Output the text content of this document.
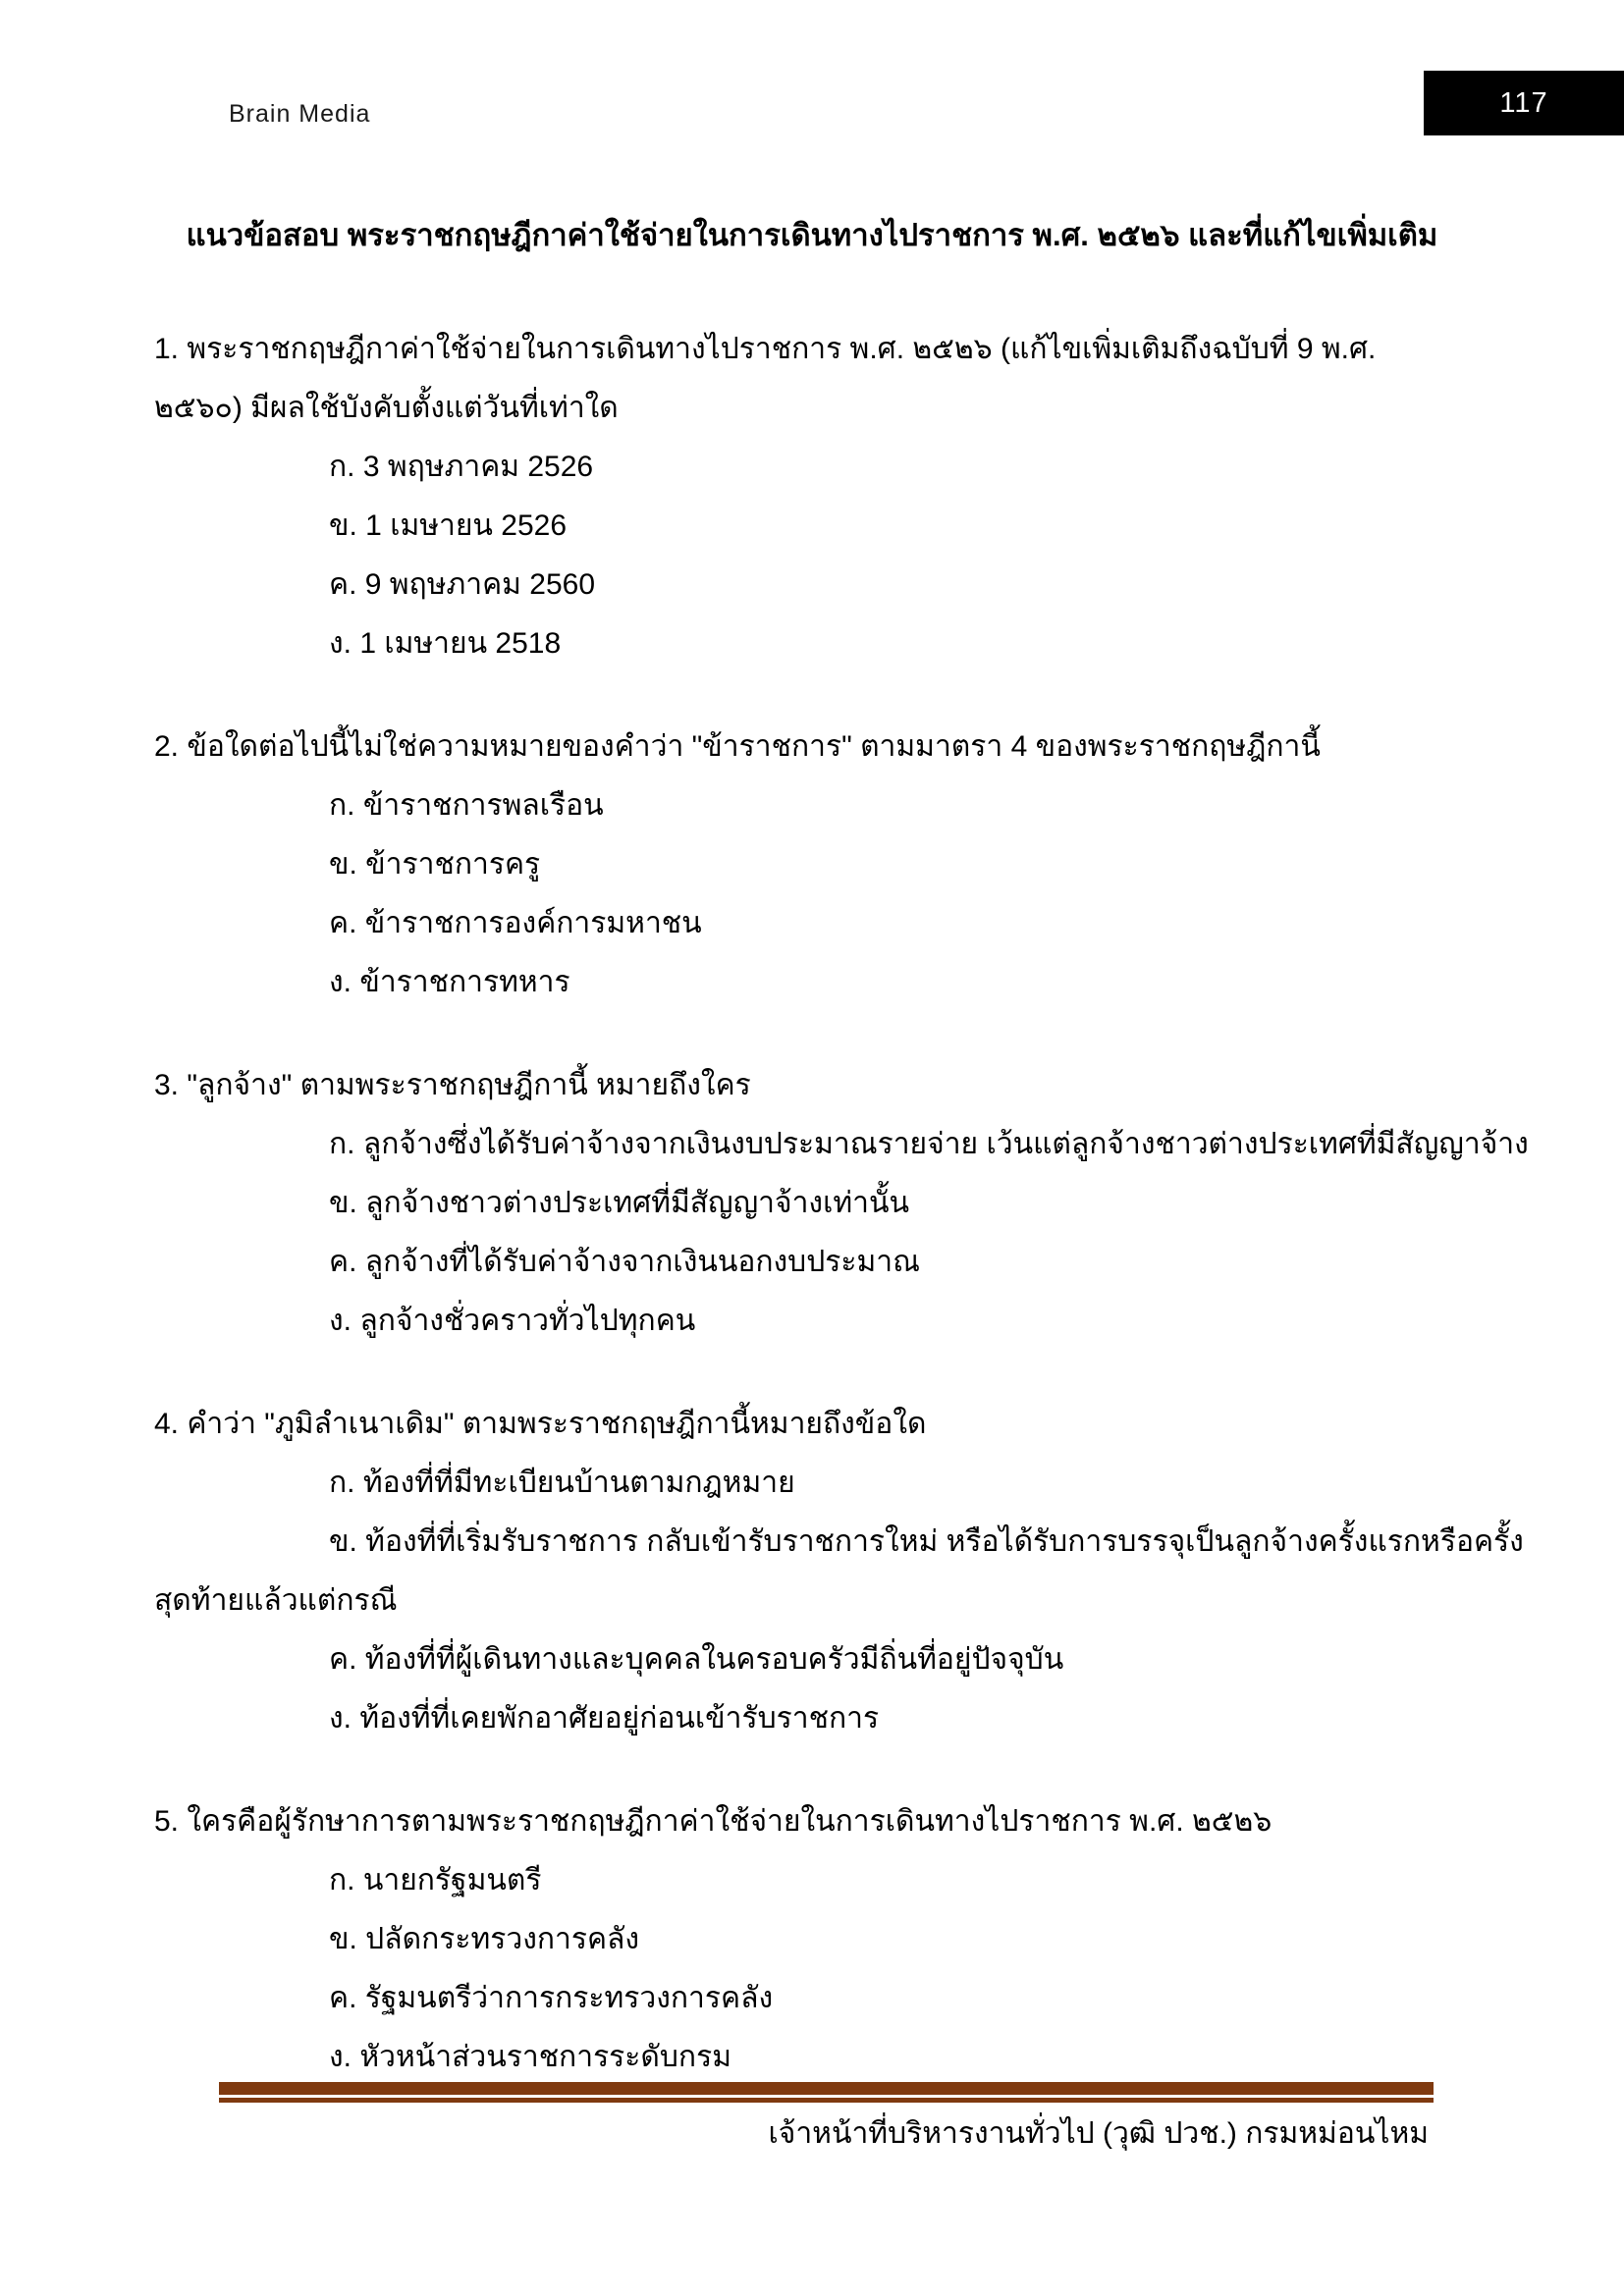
Brain Media	117
แนวข้อสอบ พระราชกฤษฎีกาค่าใช้จ่ายในการเดินทางไปราชการ พ.ศ. ๒๕๒๖ และที่แก้ไขเพิ่มเติม
1. พระราชกฤษฎีกาค่าใช้จ่ายในการเดินทางไปราชการ พ.ศ. ๒๕๒๖ (แก้ไขเพิ่มเติมถึงฉบับที่ 9 พ.ศ.
๒๕๖๐) มีผลใช้บังคับตั้งแต่วันที่เท่าใด
ก. 3 พฤษภาคม 2526
ข. 1 เมษายน 2526
ค. 9 พฤษภาคม 2560
ง. 1 เมษายน 2518
2. ข้อใดต่อไปนี้ไม่ใช่ความหมายของคำว่า "ข้าราชการ" ตามมาตรา 4 ของพระราชกฤษฎีกานี้
ก. ข้าราชการพลเรือน
ข. ข้าราชการครู
ค. ข้าราชการองค์การมหาชน
ง. ข้าราชการทหาร
3. "ลูกจ้าง" ตามพระราชกฤษฎีกานี้ หมายถึงใคร
ก. ลูกจ้างซึ่งได้รับค่าจ้างจากเงินงบประมาณรายจ่าย เว้นแต่ลูกจ้างชาวต่างประเทศที่มีสัญญาจ้าง
ข. ลูกจ้างชาวต่างประเทศที่มีสัญญาจ้างเท่านั้น
ค. ลูกจ้างที่ได้รับค่าจ้างจากเงินนอกงบประมาณ
ง. ลูกจ้างชั่วคราวทั่วไปทุกคน
4. คำว่า "ภูมิลำเนาเดิม" ตามพระราชกฤษฎีกานี้หมายถึงข้อใด
ก. ท้องที่ที่มีทะเบียนบ้านตามกฎหมาย
ข. ท้องที่ที่เริ่มรับราชการ กลับเข้ารับราชการใหม่ หรือได้รับการบรรจุเป็นลูกจ้างครั้งแรกหรือครั้ง
สุดท้ายแล้วแต่กรณี
ค. ท้องที่ที่ผู้เดินทางและบุคคลในครอบครัวมีถิ่นที่อยู่ปัจจุบัน
ง. ท้องที่ที่เคยพักอาศัยอยู่ก่อนเข้ารับราชการ
5. ใครคือผู้รักษาการตามพระราชกฤษฎีกาค่าใช้จ่ายในการเดินทางไปราชการ พ.ศ. ๒๕๒๖
ก. นายกรัฐมนตรี
ข. ปลัดกระทรวงการคลัง
ค. รัฐมนตรีว่าการกระทรวงการคลัง
ง. หัวหน้าส่วนราชการระดับกรม
เจ้าหน้าที่บริหารงานทั่วไป (วุฒิ ปวช.) กรมหม่อนไหม
